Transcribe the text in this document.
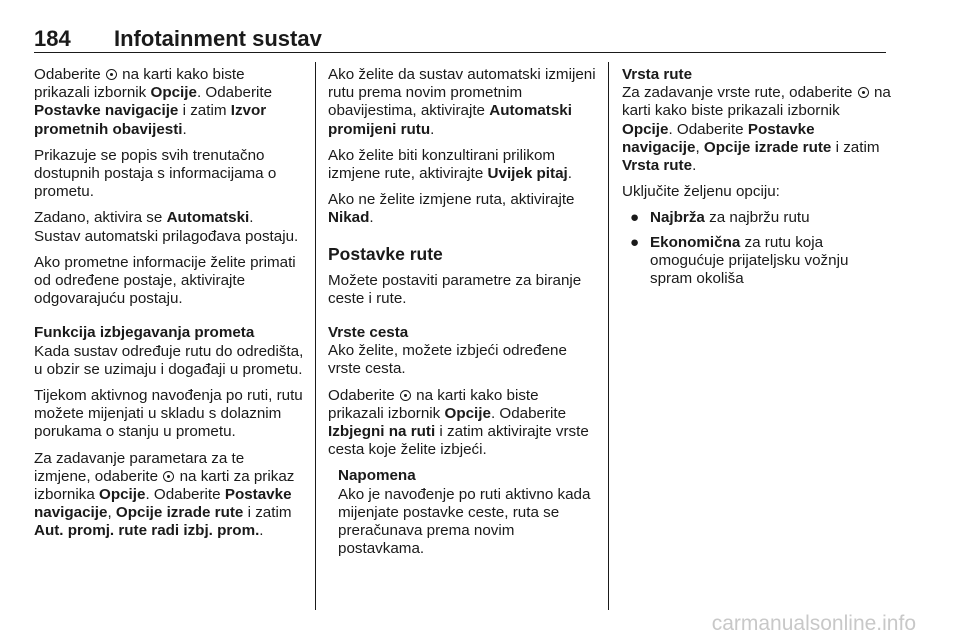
184 Infotainment sustav

Odaberite na karti kako biste prikazali izbornik Opcije. Odaberite Postavke navigacije i zatim Izvor prometnih obavijesti.

Prikazuje se popis svih trenutačno dostupnih postaja s informacijama o prometu.

Zadano, aktivira se Automatski. Sustav automatski prilagođava postaju.

Ako prometne informacije želite primati od određene postaje, aktivirajte odgovarajuću postaju.

Funkcija izbjegavanja prometa

Kada sustav određuje rutu do odredišta, u obzir se uzimaju i događaji u prometu.

Tijekom aktivnog navođenja po ruti, rutu možete mijenjati u skladu s dolaznim porukama o stanju u prometu.

Za zadavanje parametara za te izmjene, odaberite na karti za prikaz izbornika Opcije. Odaberite Postavke navigacije, Opcije izrade rute i zatim Aut. promj. rute radi izbj. prom..

Ako želite da sustav automatski izmijeni rutu prema novim prometnim obavijestima, aktivirajte Automatski promijeni rutu.

Ako želite biti konzultirani prilikom izmjene rute, aktivirajte Uvijek pitaj.

Ako ne želite izmjene ruta, aktivirajte Nikad.

Postavke rute

Možete postaviti parametre za biranje ceste i rute.

Vrste cesta

Ako želite, možete izbjeći određene vrste cesta.

Odaberite na karti kako biste prikazali izbornik Opcije. Odaberite Izbjegni na ruti i zatim aktivirajte vrste cesta koje želite izbjeći.

Napomena
Ako je navođenje po ruti aktivno kada mijenjate postavke ceste, ruta se preračunava prema novim postavkama.

Vrsta rute

Za zadavanje vrste rute, odaberite na karti kako biste prikazali izbornik Opcije. Odaberite Postavke navigacije, Opcije izrade rute i zatim Vrsta rute.

Uključite željenu opciju:

● Najbrža za najbržu rutu
● Ekonomična za rutu koja omogućuje prijateljsku vožnju spram okoliša
carmanualsonline.info
